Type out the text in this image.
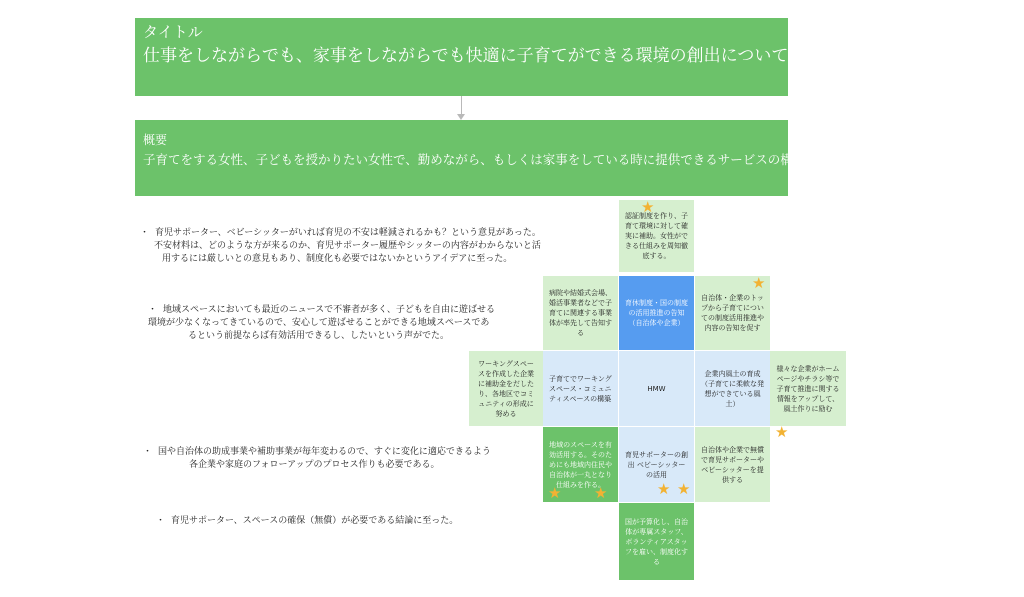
タイトル
仕事をしながらでも、家事をしながらでも快適に子育てができる環境の創出について
概要
子育てをする女性、子どもを授かりたい女性で、勤めながら、もしくは家事をしている時に提供できるサービスの構築
・ 育児サポーター、ベビーシッターがいれば育児の不安は軽減されるかも？という意見があった。
不安材料は、どのような方が来るのか、育児サポーター履歴やシッターの内容がわからないと活
用するには厳しいとの意見もあり、制度化も必要ではないかというアイデアに至った。
・ 地域スペースにおいても最近のニュースで不審者が多く、子どもを自由に遊ばせる
環境が少なくなってきているので、安心して遊ばせることができる地域スペースであ
るという前提ならば有効活用できるし、したいという声がでた。
・ 国や自治体の助成事業や補助事業が毎年変わるので、すぐに変化に適応できるよう
各企業や家庭のフォローアップのプロセス作りも必要である。
・ 育児サポーター、スペースの確保（無償）が必要である結論に至った。
認証制度を作り、子育て環境に対して確実に補助。女性ができる仕組みを周知徹底する。
病院や結婚式会場、婚活事業者などで子育てに関連する事業体が率先して告知する
育休制度・国の制度の活用推進の告知（自治体や企業）
自治体・企業のトップから子育てについての制度活用推進や内容の告知を促す
ワーキングスペースを作成した企業に補助金をだしたり、各地区でコミュニティの形成に努める
子育てでワーキングスペース・コミュニティスペースの構築
HMW
企業内風土の育成（子育てに柔軟な発想ができている風土）
様々な企業がホームページやチラシ等で子育て推進に関する情報をアップして、風土作りに励む
地域のスペースを有効活用する。そのためにも地域内住民や自治体が一丸となり仕組みを作る。
育児サポーターの創出 ベビーシッターの活用
自治体や企業で無償で育児サポーターやベビーシッターを提供する
国が予算化し、自治体が専属スタッフ、ボランティアスタッフを雇い、制度化する
★
★
★
★ ★	★ ★
